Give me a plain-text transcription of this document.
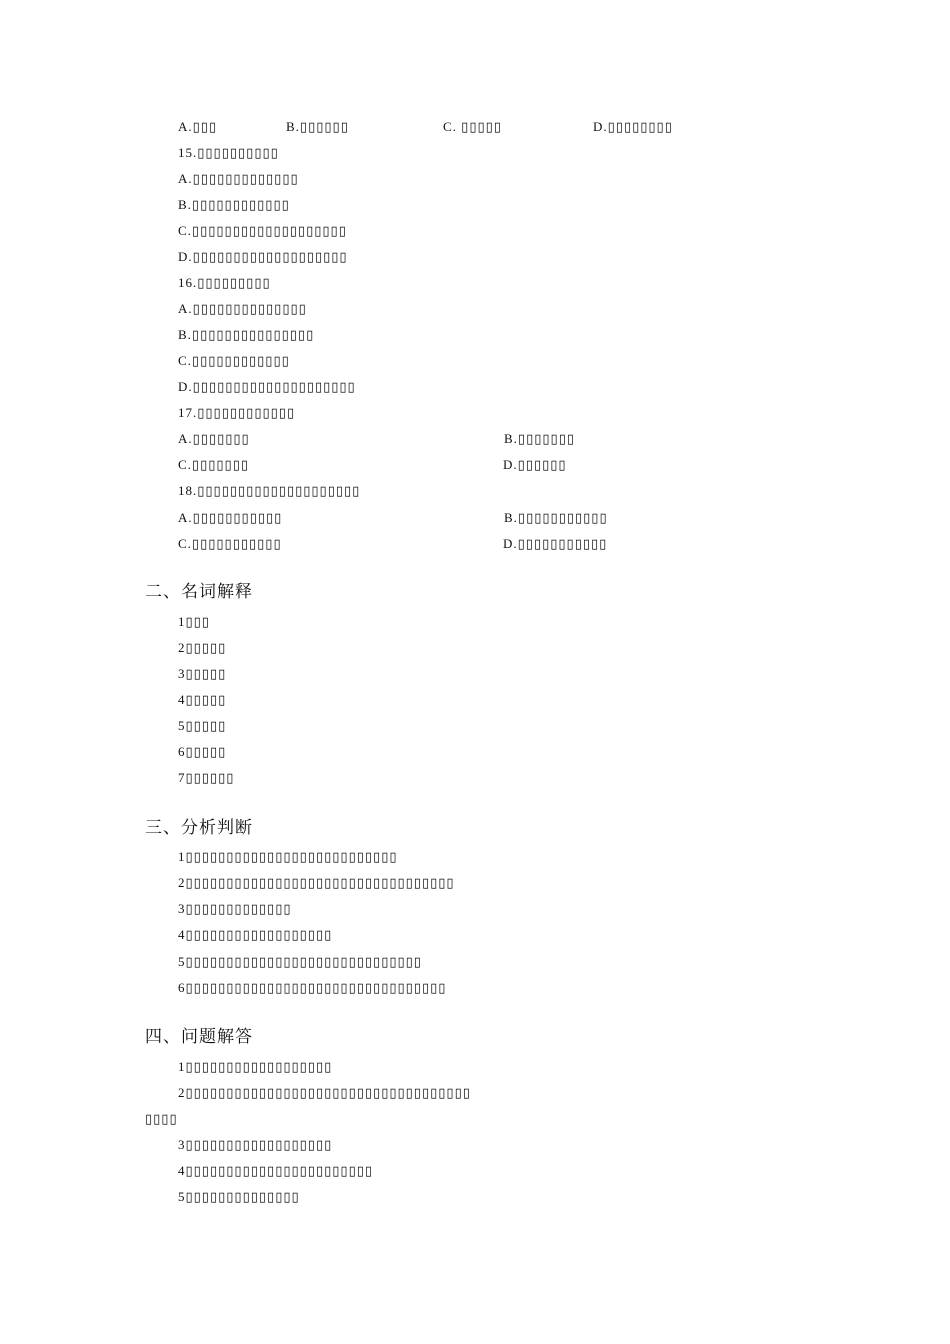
A.▯▯▯	B.▯▯▯▯▯▯	C. ▯▯▯▯▯	D.▯▯▯▯▯▯▯▯
15.▯▯▯▯▯▯▯▯▯▯
A.▯▯▯▯▯▯▯▯▯▯▯▯▯
B.▯▯▯▯▯▯▯▯▯▯▯▯
C.▯▯▯▯▯▯▯▯▯▯▯▯▯▯▯▯▯▯▯
D.▯▯▯▯▯▯▯▯▯▯▯▯▯▯▯▯▯▯▯
16.▯▯▯▯▯▯▯▯▯
A.▯▯▯▯▯▯▯▯▯▯▯▯▯▯
B.▯▯▯▯▯▯▯▯▯▯▯▯▯▯▯
C.▯▯▯▯▯▯▯▯▯▯▯▯
D.▯▯▯▯▯▯▯▯▯▯▯▯▯▯▯▯▯▯▯▯
17.▯▯▯▯▯▯▯▯▯▯▯▯
A.▯▯▯▯▯▯▯	B.▯▯▯▯▯▯▯
C.▯▯▯▯▯▯▯	D.▯▯▯▯▯▯
18.▯▯▯▯▯▯▯▯▯▯▯▯▯▯▯▯▯▯▯▯
A.▯▯▯▯▯▯▯▯▯▯▯	B.▯▯▯▯▯▯▯▯▯▯▯
C.▯▯▯▯▯▯▯▯▯▯▯	D.▯▯▯▯▯▯▯▯▯▯▯
二、名词解释
1▯▯▯
2▯▯▯▯▯
3▯▯▯▯▯
4▯▯▯▯▯
5▯▯▯▯▯
6▯▯▯▯▯
7▯▯▯▯▯▯
三、分析判断
1▯▯▯▯▯▯▯▯▯▯▯▯▯▯▯▯▯▯▯▯▯▯▯▯▯▯
2▯▯▯▯▯▯▯▯▯▯▯▯▯▯▯▯▯▯▯▯▯▯▯▯▯▯▯▯▯▯▯▯▯
3▯▯▯▯▯▯▯▯▯▯▯▯▯
4▯▯▯▯▯▯▯▯▯▯▯▯▯▯▯▯▯▯
5▯▯▯▯▯▯▯▯▯▯▯▯▯▯▯▯▯▯▯▯▯▯▯▯▯▯▯▯▯
6▯▯▯▯▯▯▯▯▯▯▯▯▯▯▯▯▯▯▯▯▯▯▯▯▯▯▯▯▯▯▯▯
四、问题解答
1▯▯▯▯▯▯▯▯▯▯▯▯▯▯▯▯▯▯
2▯▯▯▯▯▯▯▯▯▯▯▯▯▯▯▯▯▯▯▯▯▯▯▯▯▯▯▯▯▯▯▯▯▯▯
▯▯▯▯
3▯▯▯▯▯▯▯▯▯▯▯▯▯▯▯▯▯▯
4▯▯▯▯▯▯▯▯▯▯▯▯▯▯▯▯▯▯▯▯▯▯▯
5▯▯▯▯▯▯▯▯▯▯▯▯▯▯
